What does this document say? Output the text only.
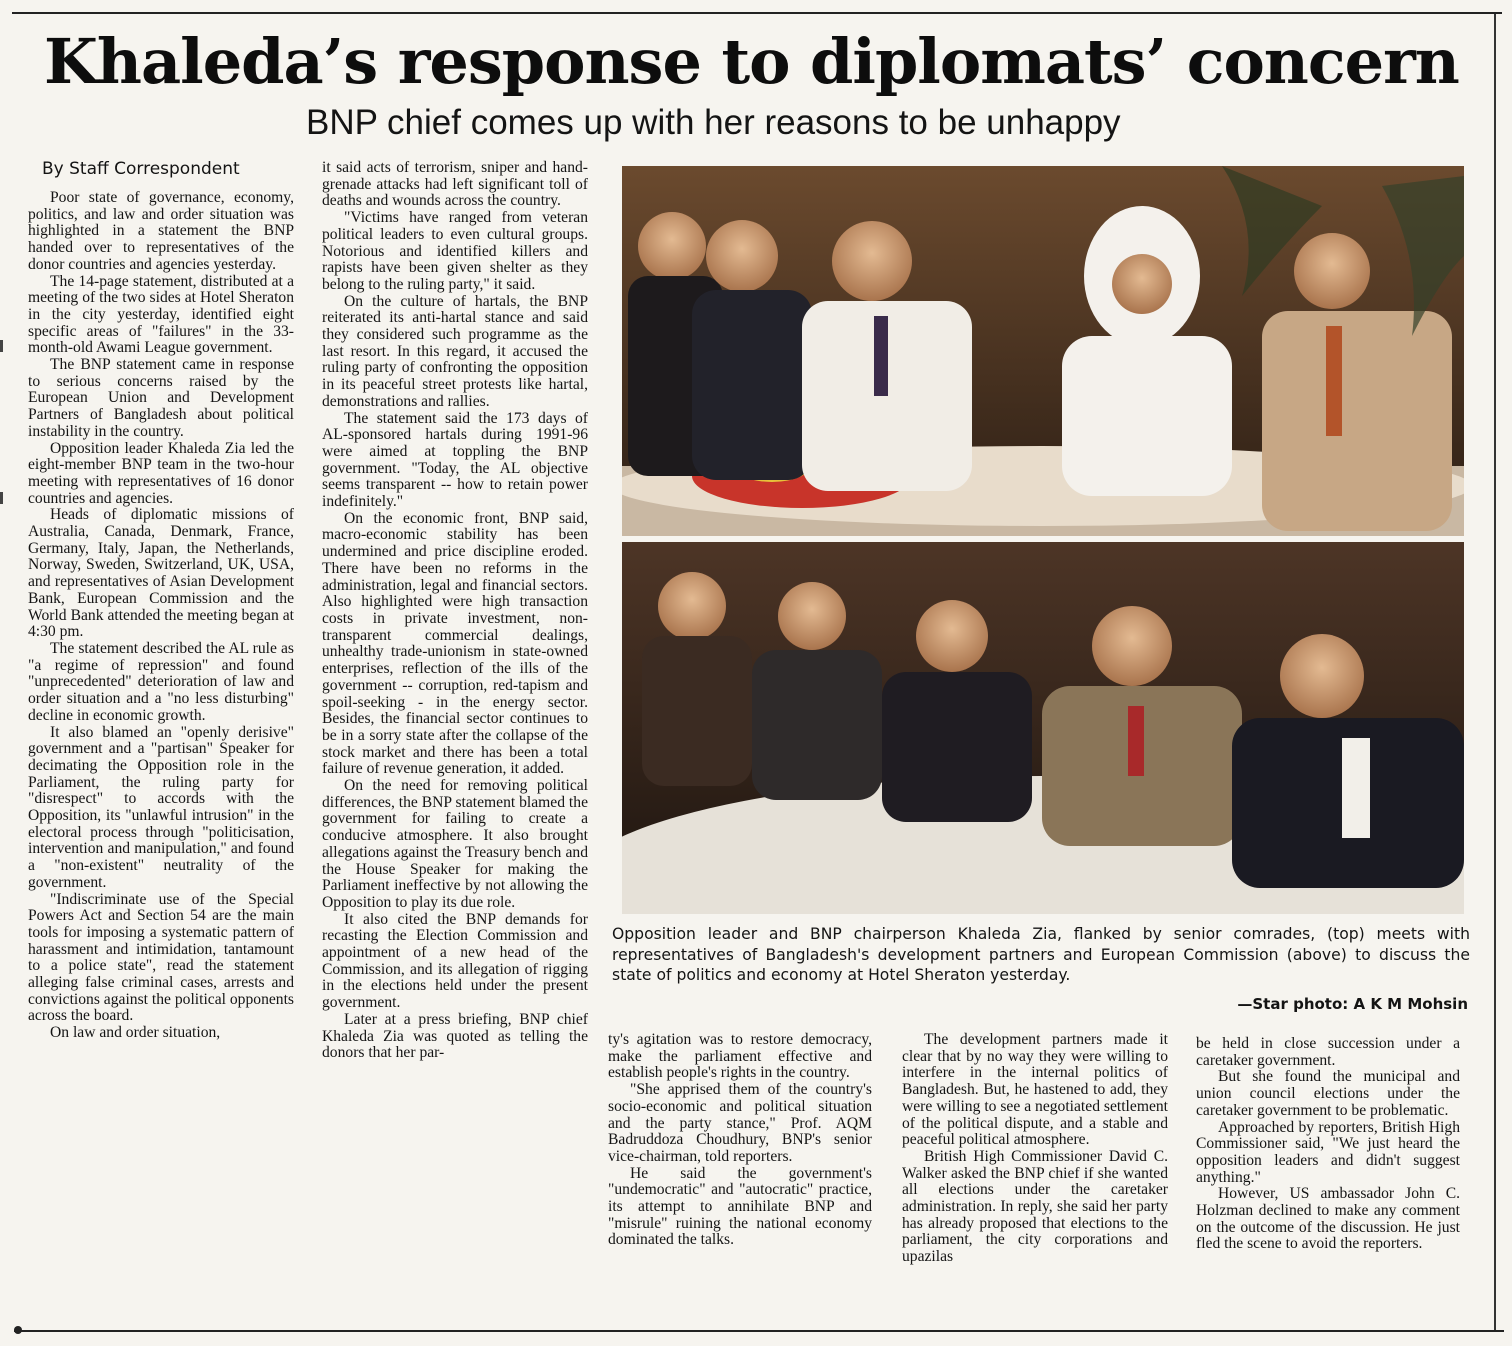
Khaleda’s response to diplomats’ concern
BNP chief comes up with her reasons to be unhappy

By Staff Correspondent

Poor state of governance, economy, politics, and law and order situation was highlighted in a statement the BNP handed over to representatives of the donor countries and agencies yesterday.

The 14-page statement, distributed at a meeting of the two sides at Hotel Sheraton in the city yesterday, identified eight specific areas of "failures" in the 33-month-old Awami League government.

The BNP statement came in response to serious concerns raised by the European Union and Development Partners of Bangladesh about political instability in the country.

Opposition leader Khaleda Zia led the eight-member BNP team in the two-hour meeting with representatives of 16 donor countries and agencies.

Heads of diplomatic missions of Australia, Canada, Denmark, France, Germany, Italy, Japan, the Netherlands, Norway, Sweden, Switzerland, UK, USA, and representatives of Asian Development Bank, European Commission and the World Bank attended the meeting began at 4:30 pm.

The statement described the AL rule as "a regime of repression" and found "unprecedented" deterioration of law and order situation and a "no less disturbing" decline in economic growth.

It also blamed an "openly derisive" government and a "partisan" Speaker for decimating the Opposition role in the Parliament, the ruling party for "disrespect" to accords with the Opposition, its "unlawful intrusion" in the electoral process through "politicisation, intervention and manipulation," and found a "non-existent" neutrality of the government.

"Indiscriminate use of the Special Powers Act and Section 54 are the main tools for imposing a systematic pattern of harassment and intimidation, tantamount to a police state", read the statement alleging false criminal cases, arrests and convictions against the political opponents across the board.

On law and order situation,

it said acts of terrorism, sniper and hand-grenade attacks had left significant toll of deaths and wounds across the country.

"Victims have ranged from veteran political leaders to even cultural groups. Notorious and identified killers and rapists have been given shelter as they belong to the ruling party," it said.

On the culture of hartals, the BNP reiterated its anti-hartal stance and said they considered such programme as the last resort. In this regard, it accused the ruling party of confronting the opposition in its peaceful street protests like hartal, demonstrations and rallies.

The statement said the 173 days of AL-sponsored hartals during 1991-96 were aimed at toppling the BNP government. "Today, the AL objective seems transparent -- how to retain power indefinitely."

On the economic front, BNP said, macro-economic stability has been undermined and price discipline eroded. There have been no reforms in the administration, legal and financial sectors. Also highlighted were high transaction costs in private investment, non-transparent commercial dealings, unhealthy trade-unionism in state-owned enterprises, reflection of the ills of the government -- corruption, red-tapism and spoil-seeking - in the energy sector. Besides, the financial sector continues to be in a sorry state after the collapse of the stock market and there has been a total failure of revenue generation, it added.

On the need for removing political differences, the BNP statement blamed the government for failing to create a conducive atmosphere. It also brought allegations against the Treasury bench and the House Speaker for making the Parliament ineffective by not allowing the Opposition to play its due role.

It also cited the BNP demands for recasting the Election Commission and appointment of a new head of the Commission, and its allegation of rigging in the elections held under the present government.

Later at a press briefing, BNP chief Khaleda Zia was quoted as telling the donors that her par-

Opposition leader and BNP chairperson Khaleda Zia, flanked by senior comrades, (top) meets with representatives of Bangladesh's development partners and European Commission (above) to discuss the state of politics and economy at Hotel Sheraton yesterday.
—Star photo: A K M Mohsin

ty's agitation was to restore democracy, make the parliament effective and establish people's rights in the country.

"She apprised them of the country's socio-economic and political situation and the party stance," Prof. AQM Badruddoza Choudhury, BNP's senior vice-chairman, told reporters.

He said the government's "undemocratic" and "autocratic" practice, its attempt to annihilate BNP and "misrule" ruining the national economy dominated the talks.

The development partners made it clear that by no way they were willing to interfere in the internal politics of Bangladesh. But, he hastened to add, they were willing to see a negotiated settlement of the political dispute, and a stable and peaceful political atmosphere.

British High Commissioner David C. Walker asked the BNP chief if she wanted all elections under the caretaker administration. In reply, she said her party has already proposed that elections to the parliament, the city corporations and upazilas

be held in close succession under a caretaker government.

But she found the municipal and union council elections under the caretaker government to be problematic.

Approached by reporters, British High Commissioner said, "We just heard the opposition leaders and didn't suggest anything."

However, US ambassador John C. Holzman declined to make any comment on the outcome of the discussion. He just fled the scene to avoid the reporters.
